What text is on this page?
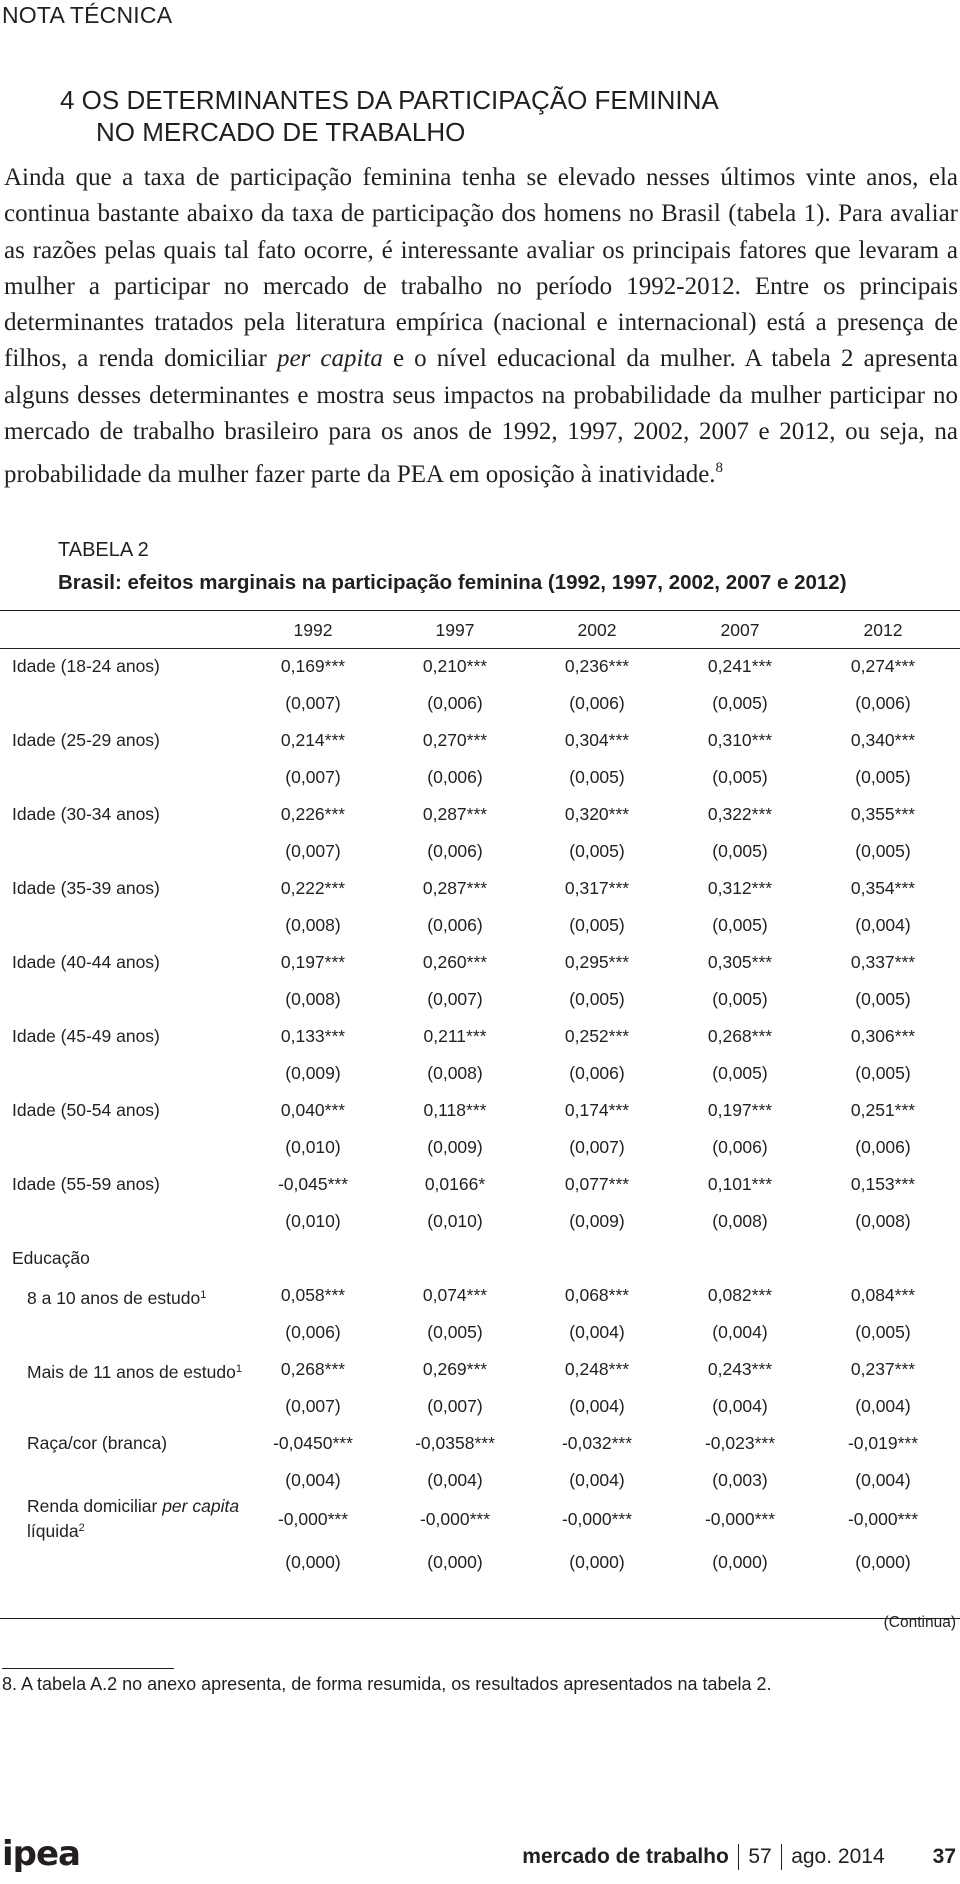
NOTA TÉCNICA
4 OS DETERMINANTES DA PARTICIPAÇÃO FEMININA
NO MERCADO DE TRABALHO

Ainda que a taxa de participação feminina tenha se elevado nesses últimos vinte anos, ela continua bastante abaixo da taxa de participação dos homens no Brasil (tabela 1). Para avaliar as razões pelas quais tal fato ocorre, é interessante avaliar os principais fatores que levaram a mulher a participar no mercado de trabalho no período 1992-2012. Entre os principais determinantes tratados pela literatura empírica (nacional e internacional) está a presença de filhos, a renda domiciliar per capita e o nível educacional da mulher. A tabela 2 apresenta alguns desses determinantes e mostra seus impactos na probabilidade da mulher participar no mercado de trabalho brasileiro para os anos de 1992, 1997, 2002, 2007 e 2012, ou seja, na probabilidade da mulher fazer parte da PEA em oposição à inatividade.$^8$

TABELA 2
Brasil: efeitos marginais na participação feminina (1992, 1997, 2002, 2007 e 2012)
1992	1997	2002	2007	2012
Idade (18-24 anos)	0,169***	0,210***	0,236***	0,241***	0,274***
(0,007)	(0,006)	(0,006)	(0,005)	(0,006)
Idade (25-29 anos)	0,214***	0,270***	0,304***	0,310***	0,340***
(0,007)	(0,006)	(0,005)	(0,005)	(0,005)
Idade (30-34 anos)	0,226***	0,287***	0,320***	0,322***	0,355***
(0,007)	(0,006)	(0,005)	(0,005)	(0,005)
Idade (35-39 anos)	0,222***	0,287***	0,317***	0,312***	0,354***
(0,008)	(0,006)	(0,005)	(0,005)	(0,004)
Idade (40-44 anos)	0,197***	0,260***	0,295***	0,305***	0,337***
(0,008)	(0,007)	(0,005)	(0,005)	(0,005)
Idade (45-49 anos)	0,133***	0,211***	0,252***	0,268***	0,306***
(0,009)	(0,008)	(0,006)	(0,005)	(0,005)
Idade (50-54 anos)	0,040***	0,118***	0,174***	0,197***	0,251***
(0,010)	(0,009)	(0,007)	(0,006)	(0,006)
Idade (55-59 anos)	-0,045***	0,0166*	0,077***	0,101***	0,153***
(0,010)	(0,010)	(0,009)	(0,008)	(0,008)
Educação
8 a 10 anos de estudo$^1$	0,058***	0,074***	0,068***	0,082***	0,084***
(0,006)	(0,005)	(0,004)	(0,004)	(0,005)
Mais de 11 anos de estudo$^1$	0,268***	0,269***	0,248***	0,243***	0,237***
(0,007)	(0,007)	(0,004)	(0,004)	(0,004)
Raça/cor (branca)	-0,0450***	-0,0358***	-0,032***	-0,023***	-0,019***
(0,004)	(0,004)	(0,004)	(0,003)	(0,004)
Renda domiciliar per capita
líquida$^2$	-0,000***	-0,000***	-0,000***	-0,000***	-0,000***
(0,000)	(0,000)	(0,000)	(0,000)	(0,000)
(Continua)
8. A tabela A.2 no anexo apresenta, de forma resumida, os resultados apresentados na tabela 2.
ipea	mercado de trabalho 57 ago. 2014 37
